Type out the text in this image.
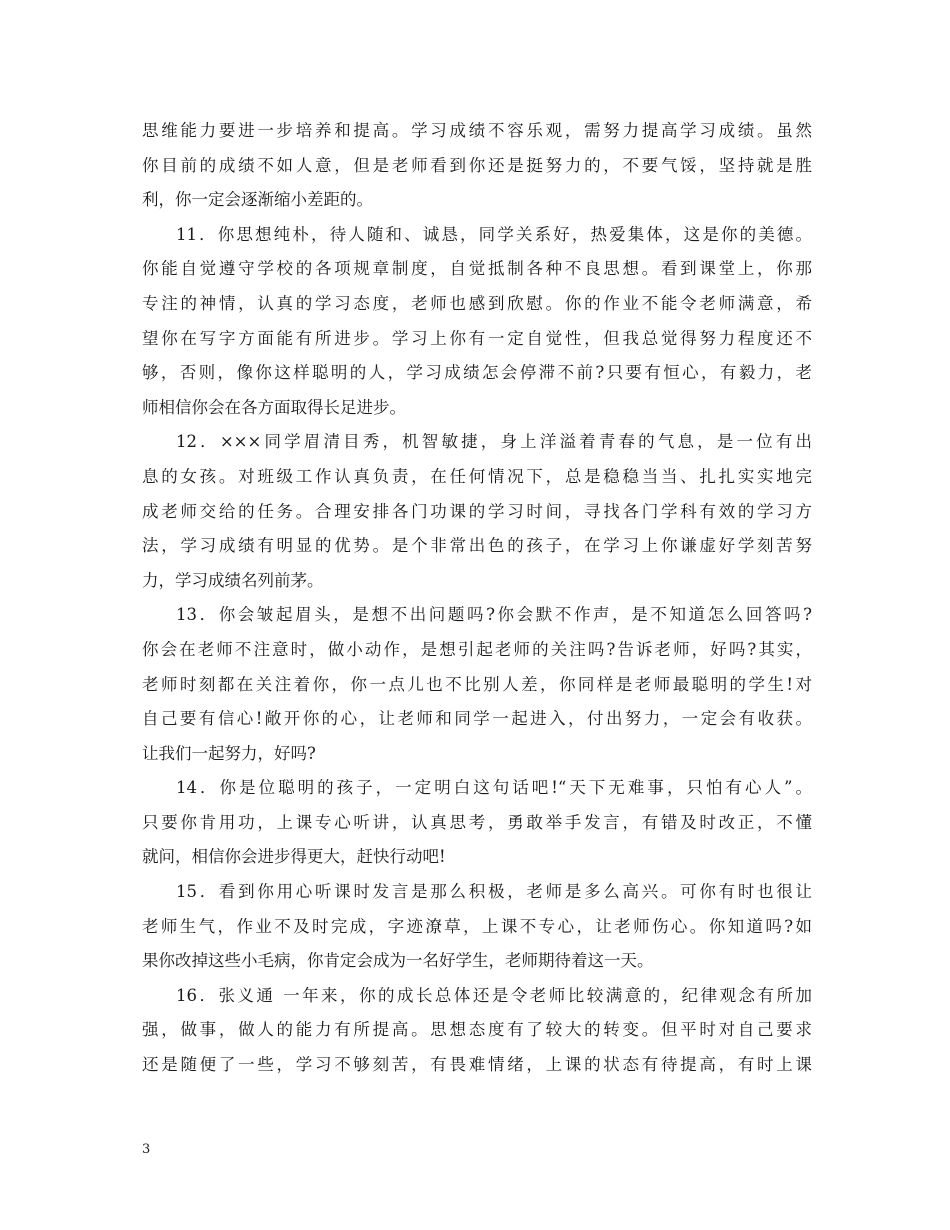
思维能力要进一步培养和提高。学习成绩不容乐观，需努力提高学习成绩。虽然
你目前的成绩不如人意，但是老师看到你还是挺努力的，不要气馁，坚持就是胜
利，你一定会逐渐缩小差距的。
11．你思想纯朴，待人随和、诚恳，同学关系好，热爱集体，这是你的美德。
你能自觉遵守学校的各项规章制度，自觉抵制各种不良思想。看到课堂上，你那
专注的神情，认真的学习态度，老师也感到欣慰。你的作业不能令老师满意，希
望你在写字方面能有所进步。学习上你有一定自觉性，但我总觉得努力程度还不
够，否则，像你这样聪明的人，学习成绩怎会停滞不前?只要有恒心，有毅力，老
师相信你会在各方面取得长足进步。
12．×××同学眉清目秀，机智敏捷，身上洋溢着青春的气息，是一位有出
息的女孩。对班级工作认真负责，在任何情况下，总是稳稳当当、扎扎实实地完
成老师交给的任务。合理安排各门功课的学习时间，寻找各门学科有效的学习方
法，学习成绩有明显的优势。是个非常出色的孩子，在学习上你谦虚好学刻苦努
力，学习成绩名列前茅。
13．你会皱起眉头，是想不出问题吗?你会默不作声，是不知道怎么回答吗?
你会在老师不注意时，做小动作，是想引起老师的关注吗?告诉老师，好吗?其实，
老师时刻都在关注着你，你一点儿也不比别人差，你同样是老师最聪明的学生!对
自己要有信心!敞开你的心，让老师和同学一起进入，付出努力，一定会有收获。
让我们一起努力，好吗?
14．你是位聪明的孩子，一定明白这句话吧!“天下无难事，只怕有心人”。
只要你肯用功，上课专心听讲，认真思考，勇敢举手发言，有错及时改正，不懂
就问，相信你会进步得更大，赶快行动吧!
15．看到你用心听课时发言是那么积极，老师是多么高兴。可你有时也很让
老师生气，作业不及时完成，字迹潦草，上课不专心，让老师伤心。你知道吗?如
果你改掉这些小毛病，你肯定会成为一名好学生，老师期待着这一天。
16．张义通 一年来，你的成长总体还是令老师比较满意的，纪律观念有所加
强，做事，做人的能力有所提高。思想态度有了较大的转变。但平时对自己要求
还是随便了一些，学习不够刻苦，有畏难情绪，上课的状态有待提高，有时上课
3
